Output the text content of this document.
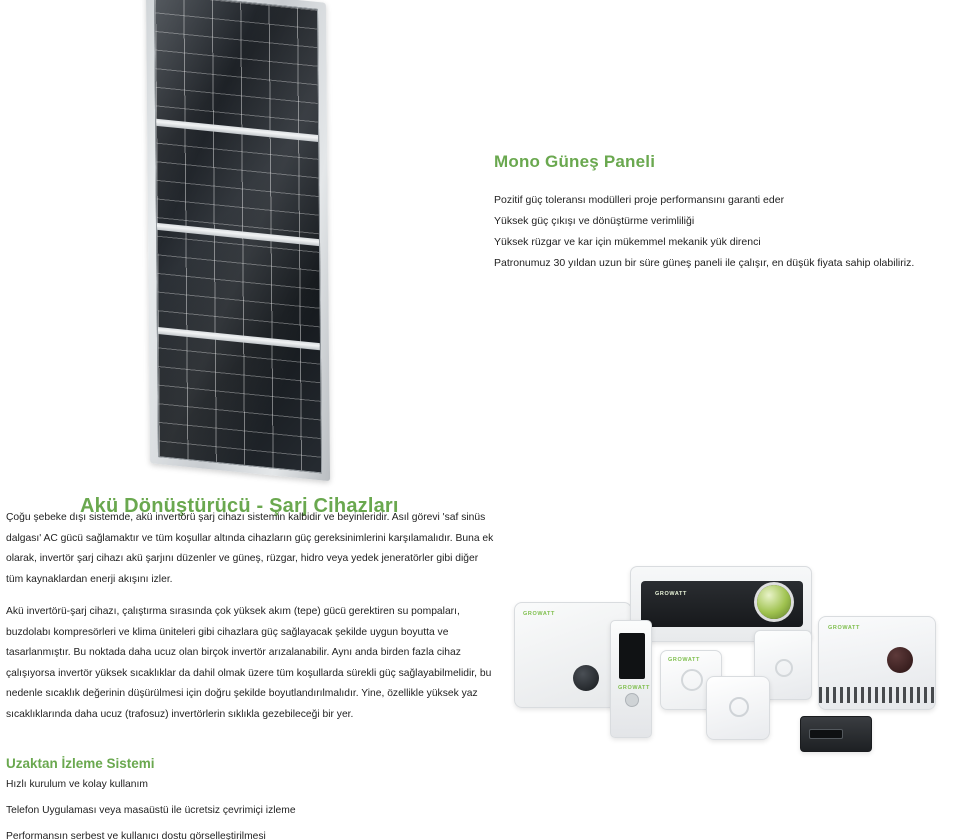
Mono Güneş Paneli
Pozitif güç toleransı modülleri proje performansını garanti eder
Yüksek güç çıkışı ve dönüştürme verimliliği
Yüksek rüzgar ve kar için mükemmel mekanik yük direnci
Patronumuz 30 yıldan uzun bir süre güneş paneli ile çalışır, en düşük fiyata sahip olabiliriz.
Akü Dönüştürücü - Şarj Cihazları

Çoğu şebeke dışı sistemde, akü invertörü şarj cihazı sistemin kalbidir ve beyinleridir. Asıl görevi 'saf sinüs dalgası' AC gücü sağlamaktır ve tüm koşullar altında cihazların güç gereksinimlerini karşılamalıdır. Buna ek olarak, invertör şarj cihazı akü şarjını düzenler ve güneş, rüzgar, hidro veya yedek jeneratörler gibi diğer tüm kaynaklardan enerji akışını izler.

Akü invertörü-şarj cihazı, çalıştırma sırasında çok yüksek akım (tepe) gücü gerektiren su pompaları, buzdolabı kompresörleri ve klima üniteleri gibi cihazlara güç sağlayacak şekilde uygun boyutta ve tasarlanmıştır. Bu noktada daha ucuz olan birçok invertör arızalanabilir. Aynı anda birden fazla cihaz çalışıyorsa invertör yüksek sıcaklıklar da dahil olmak üzere tüm koşullarda sürekli güç sağlayabilmelidir, bu nedenle sıcaklık değerinin düşürülmesi için doğru şekilde boyutlandırılmalıdır. Yine, özellikle yüksek yaz sıcaklıklarında daha ucuz (trafosuz) invertörlerin sıklıkla gezebileceği bir yer.

Uzaktan İzleme Sistemi
Hızlı kurulum ve kolay kullanım
Telefon Uygulaması veya masaüstü ile ücretsiz çevrimiçi izleme
Performansın serbest ve kullanıcı dostu görselleştirilmesi
GROWATT
GROWATT
GROWATT
GROWATT
GROWATT
